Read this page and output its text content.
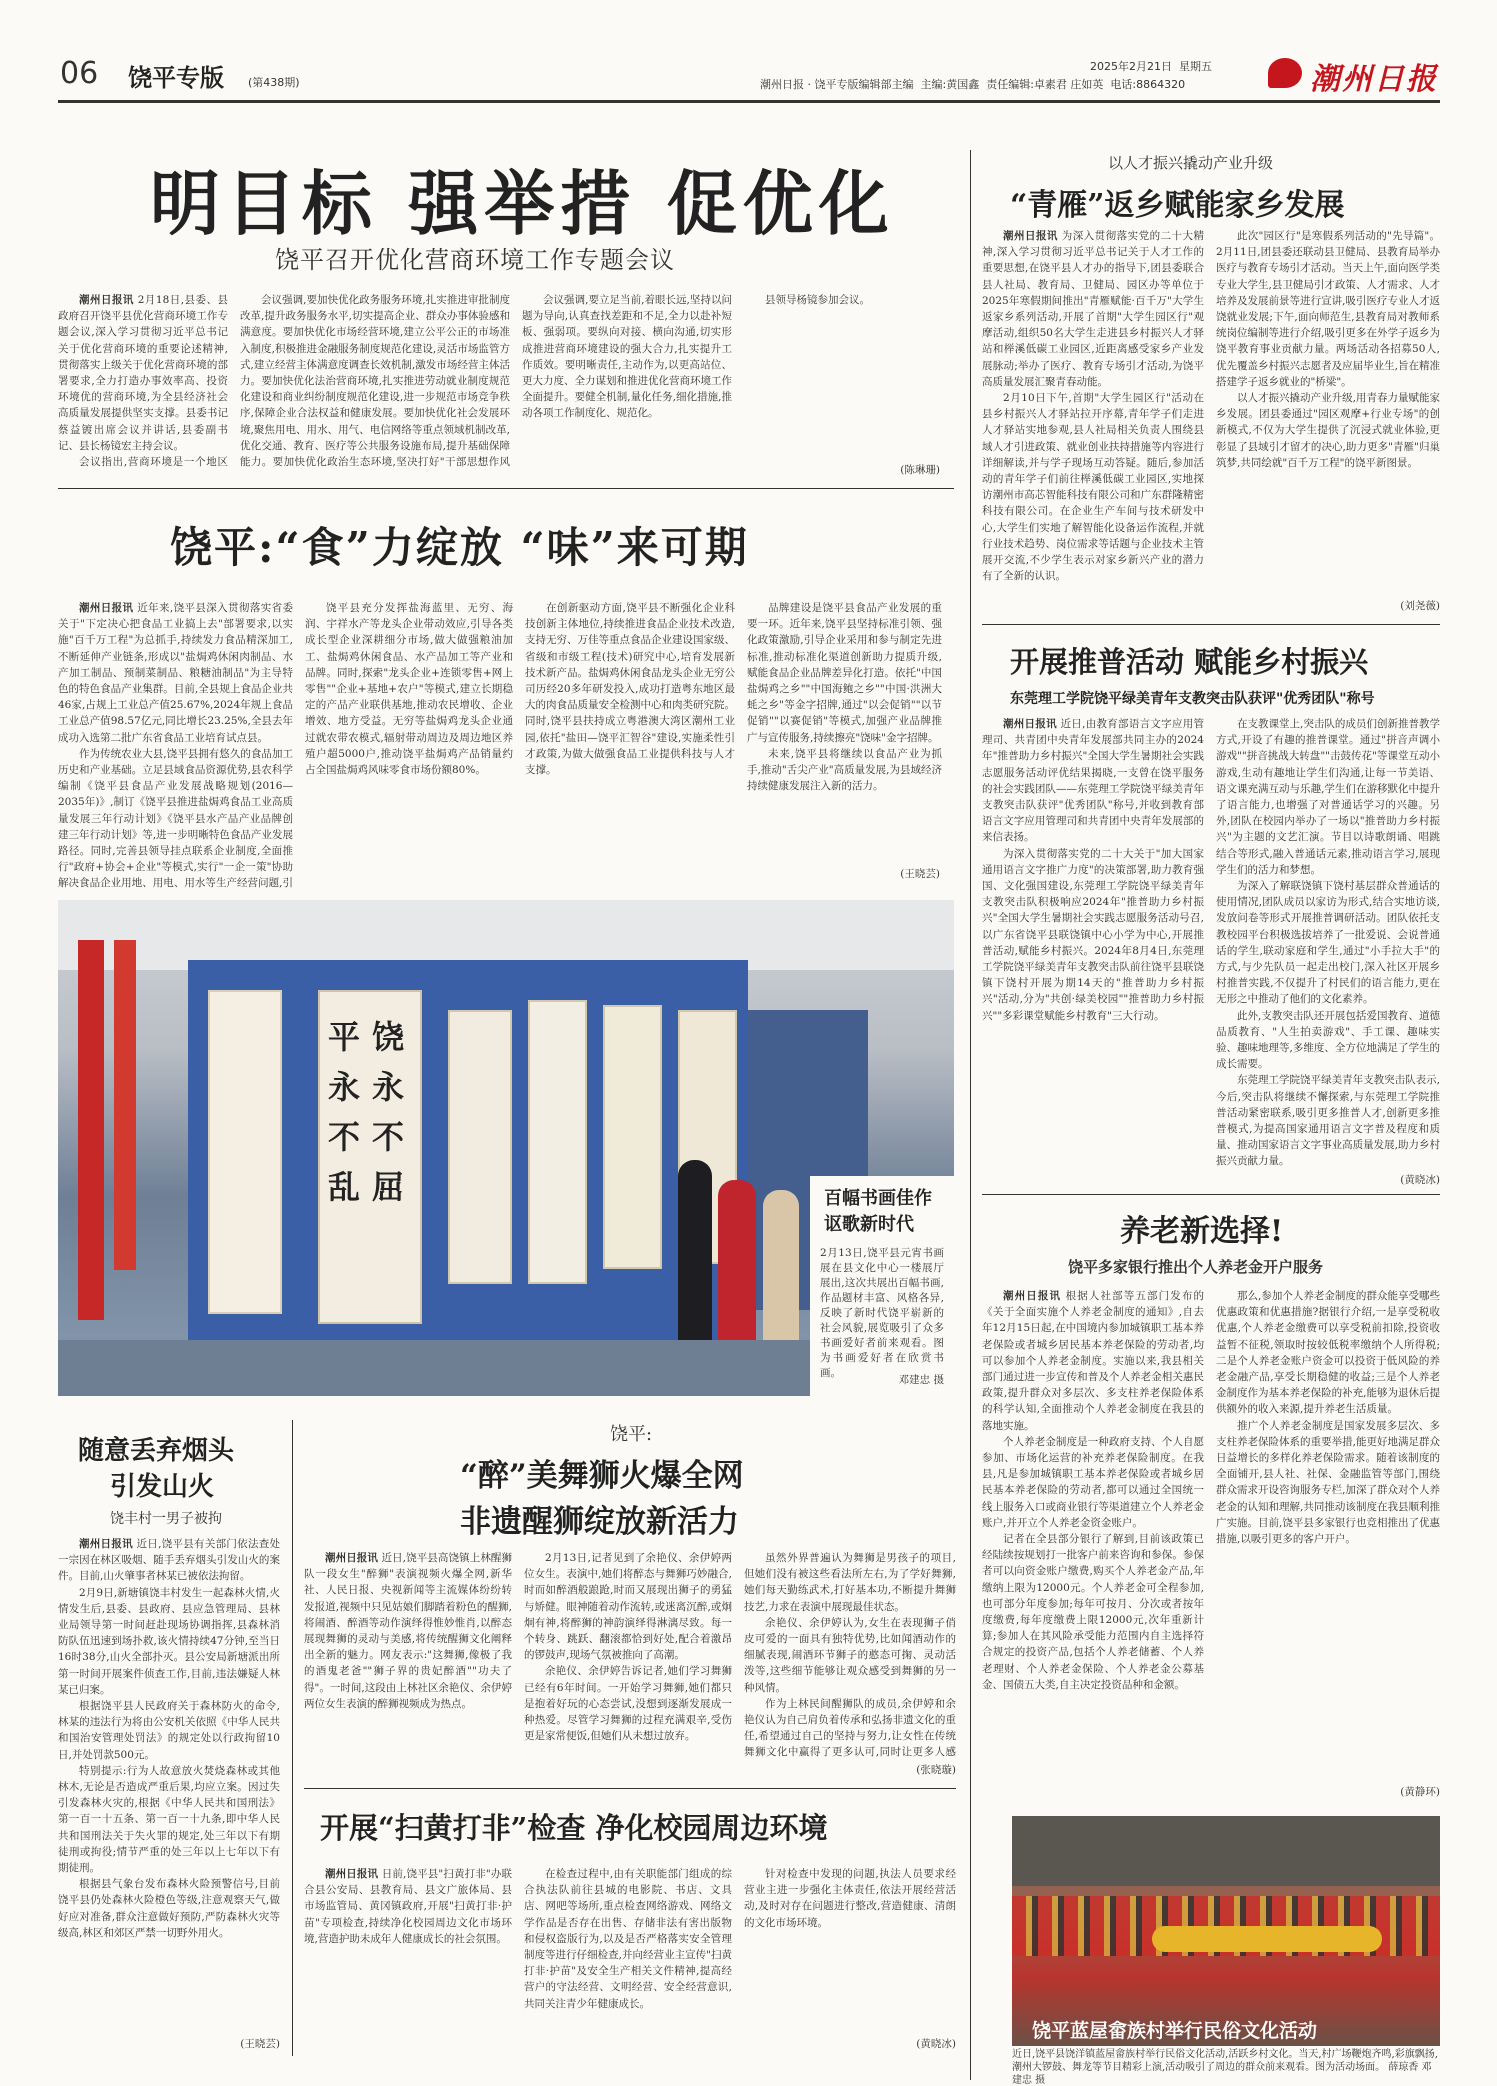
06 饶平专版 (第438期)
2025年2月21日 星期五
潮州日报 · 饶平专版编辑部主编 主编:黄国鑫 责任编辑:卓素君 庄如英 电话:8864320	潮州日报
明目标 强举措 促优化
饶平召开优化营商环境工作专题会议

潮州日报讯 2月18日,县委、县政府召开饶平县优化营商环境工作专题会议,深入学习贯彻习近平总书记关于优化营商环境的重要论述精神,贯彻落实上级关于优化营商环境的部署要求,全力打造办事效率高、投资环境优的营商环境,为全县经济社会高质量发展提供坚实支撑。县委书记蔡益镀出席会议并讲话,县委副书记、县长杨镜宏主持会议。

会议指出,营商环境是一个地区

会议强调,要加快优化政务服务环境,扎实推进审批制度改革,提升政务服务水平,切实提高企业、群众办事体验感和满意度。要加快优化市场经营环境,建立公平公正的市场准入制度,积极推进金融服务制度规范化建设,灵活市场监管方式,建立经营主体满意度调查长效机制,激发市场经营主体活力。要加快优化法治营商环境,扎实推进劳动就业制度规范化建设和商业纠纷制度规范化建设,进一步规范市场竞争秩序,保障企业合法权益和健康发展。要加快优化社会发展环境,聚焦用电、用水、用气、电信网络等重点领域机制改革,优化交通、教育、医疗等公共服务设施布局,提升基础保障能力。要加快优化政治生态环境,坚决打好"干部思想作风

会议强调,要立足当前,着眼长远,坚持以问题为导向,认真查找差距和不足,全力以赴补短板、强弱项。要纵向对接、横向沟通,切实形成推进营商环境建设的强大合力,扎实提升工作质效。要明晰责任,主动作为,以更高站位、更大力度、全力谋划和推进优化营商环境工作全面提升。要健全机制,量化任务,细化措施,推动各项工作制度化、规范化。

县领导杨镜参加会议。

(陈琳珊)
饶平:“食”力绽放 “味”来可期

潮州日报讯 近年来,饶平县深入贯彻落实省委关于"下定决心把食品工业搞上去"部署要求,以实施"百千万工程"为总抓手,持续发力食品精深加工,不断延伸产业链条,形成以"盐焗鸡休闲肉制品、水产加工制品、预制菜制品、粮糖油制品"为主导特色的特色食品产业集群。目前,全县规上食品企业共46家,占规上工业总产值25.67%,2024年规上食品工业总产值98.57亿元,同比增长23.25%,全县去年成功入选第二批广东省食品工业培育试点县。

作为传统农业大县,饶平县拥有悠久的食品加工历史和产业基础。立足县域食品资源优势,县农科学编制《饶平县食品产业发展战略规划(2016—2035年)》,制订《饶平县推进盐焗鸡食品工业高质量发展三年行动计划》《饶平县水产品产业品牌创建三年行动计划》等,进一步明晰特色食品产业发展路径。同时,完善县领导挂点联系企业制度,全面推行"政府+协会+企业"等模式,实行"一企一策"协助解决食品企业用地、用电、用水等生产经营问题,引

饶平县充分发挥盐海蓝里、无穷、海润、宇祥水产等龙头企业带动效应,引导各类成长型企业深耕细分市场,做大做强粮油加工、盐焗鸡休闲食品、水产品加工等产业和品牌。同时,探索"龙头企业+连锁零售+网上零售""企业+基地+农户"等模式,建立长期稳定的产品产业联供基地,推动农民增收、企业增效、地方受益。无穷等盐焗鸡龙头企业通过就农带农模式,辐射带动周边及周边地区养殖户超5000户,推动饶平盐焗鸡产品销量约占全国盐焗鸡风味零食市场份额80%。

在创新驱动方面,饶平县不断强化企业科技创新主体地位,持续推进食品企业技术改造,支持无穷、万佳等重点食品企业建设国家级、省级和市级工程(技术)研究中心,培育发展新技术新产品。盐焗鸡休闲食品龙头企业无穷公司历经20多年研发投入,成功打造粤东地区最大的肉食品质量安全检测中心和肉类研究院。同时,饶平县扶持成立粤港澳大湾区潮州工业园,依托"盐田—饶平汇智谷"建设,实施柔性引才政策,为做大做强食品工业提供科技与人才支撑。

品牌建设是饶平县食品产业发展的重要一环。近年来,饶平县坚持标准引领、强化政策激励,引导企业采用和参与制定先进标准,推动标准化渠道创新助力提质升级,赋能食品企业品牌差异化打造。依托"中国盐焗鸡之乡""中国海鲍之乡""中国·洪洲大蚝之乡"等金字招牌,通过"以会促销""以节促销""以赛促销"等模式,加强产业品牌推广与宣传服务,持续擦亮"饶味"金字招牌。

未来,饶平县将继续以食品产业为抓手,推动"舌尖产业"高质量发展,为县域经济持续健康发展注入新的活力。

(王晓芸)
平
永
不
乱
饶
永
不
屈	百幅书画佳作讴歌新时代
2月13日,饶平县元宵书画展在县文化中心一楼展厅展出,这次共展出百幅书画,作品题材丰富、风格各异,反映了新时代饶平崭新的社会风貌,展览吸引了众多书画爱好者前来观看。图为书画爱好者在欣赏书画。
邓建忠 摄
以人才振兴撬动产业升级
“青雁”返乡赋能家乡发展

潮州日报讯 为深入贯彻落实党的二十大精神,深入学习贯彻习近平总书记关于人才工作的重要思想,在饶平县人才办的指导下,团县委联合县人社局、教育局、卫健局、园区办等单位于2025年寒假期间推出"青雁赋能·百千万"大学生返家乡系列活动,开展了首期"大学生园区行"观摩活动,组织50名大学生走进县乡村振兴人才驿站和榉溪低碳工业园区,近距离感受家乡产业发展脉动;举办了医疗、教育专场引才活动,为饶平高质量发展汇聚青春动能。

2月10日下午,首期"大学生园区行"活动在县乡村振兴人才驿站拉开序幕,青年学子们走进人才驿站实地参观,县人社局相关负责人围绕县域人才引进政策、就业创业扶持措施等内容进行详细解读,并与学子现场互动答疑。随后,参加活动的青年学子们前往榉溪低碳工业园区,实地探访潮州市高芯智能科技有限公司和广东群隆精密科技有限公司。在企业生产车间与技术研发中心,大学生们实地了解智能化设备运作流程,并就行业技术趋势、岗位需求等话题与企业技术主管展开交流,不少学生表示对家乡新兴产业的潜力有了全新的认识。

此次"园区行"是寒假系列活动的"先导篇"。2月11日,团县委还联动县卫健局、县教育局举办医疗与教育专场引才活动。当天上午,面向医学类专业大学生,县卫健局引才政策、人才需求、人才培养及发展前景等进行宣讲,吸引医疗专业人才返饶就业发展;下午,面向师范生,县教育局对教师系统岗位编制等进行介绍,吸引更多在外学子返乡为饶平教育事业贡献力量。两场活动各招募50人,优先覆盖乡村振兴志愿者及应届毕业生,旨在精准搭建学子返乡就业的"桥梁"。

以人才振兴撬动产业升级,用青春力量赋能家乡发展。团县委通过"园区观摩+行业专场"的创新模式,不仅为大学生提供了沉浸式就业体验,更彰显了县域引才留才的决心,助力更多"青雁"归巢筑梦,共同绘就"百千万工程"的饶平新图景。

(刘尧薇)
开展推普活动 赋能乡村振兴
东莞理工学院饶平绿美青年支教突击队获评"优秀团队"称号

潮州日报讯 近日,由教育部语言文字应用管理司、共青团中央青年发展部共同主办的2024年"推普助力乡村振兴"全国大学生暑期社会实践志愿服务活动评优结果揭晓,一支曾在饶平服务的社会实践团队——东莞理工学院饶平绿美青年支教突击队获评"优秀团队"称号,并收到教育部语言文字应用管理司和共青团中央青年发展部的来信表扬。

为深入贯彻落实党的二十大关于"加大国家通用语言文字推广力度"的决策部署,助力教育强国、文化强国建设,东莞理工学院饶平绿美青年支教突击队积极响应2024年"推普助力乡村振兴"全国大学生暑期社会实践志愿服务活动号召,以广东省饶平县联饶镇中心小学为中心,开展推普活动,赋能乡村振兴。2024年8月4日,东莞理工学院饶平绿美青年支教突击队前往饶平县联饶镇下饶村开展为期14天的"推普助力乡村振兴"活动,分为"共创·绿美校园""推普助力乡村振兴""多彩课堂赋能乡村教育"三大行动。

在支教课堂上,突击队的成员们创新推普教学方式,开设了有趣的推普课堂。通过"拼音声调小游戏""拼音挑战大转盘""击鼓传花"等课堂互动小游戏,生动有趣地让学生们沟通,让每一节美语、语文课充满互动与乐趣,学生们在游移默化中提升了语言能力,也增强了对普通话学习的兴趣。另外,团队在校园内举办了一场以"推普助力乡村振兴"为主题的文艺汇演。节目以诗歌朗诵、唱跳结合等形式,融入普通话元素,推动语言学习,展现学生们的活力和梦想。

为深入了解联饶镇下饶村基层群众普通话的使用情况,团队成员以家访为形式,结合实地访谈,发放问卷等形式开展推普调研活动。团队依托支教校园平台积极选拔培养了一批爱说、会说普通话的学生,联动家庭和学生,通过"小手拉大手"的方式,与少先队员一起走出校门,深入社区开展乡村推普实践,不仅提升了村民们的语言能力,更在无形之中推动了他们的文化素养。

此外,支教突击队还开展包括爱国教育、道德品质教育、"人生拍卖游戏"、手工课、趣味实验、趣味地理等,多维度、全方位地满足了学生的成长需要。

东莞理工学院饶平绿美青年支教突击队表示,今后,突击队将继续不懈探索,与东莞理工学院推普活动紧密联系,吸引更多推普人才,创新更多推普模式,为提高国家通用语言文字普及程度和质量、推动国家语言文字事业高质量发展,助力乡村振兴贡献力量。

(黄晓冰)
养老新选择!
饶平多家银行推出个人养老金开户服务

潮州日报讯 根据人社部等五部门发布的《关于全面实施个人养老金制度的通知》,自去年12月15日起,在中国境内参加城镇职工基本养老保险或者城乡居民基本养老保险的劳动者,均可以参加个人养老金制度。实施以来,我县相关部门通过进一步宣传和普及个人养老金相关惠民政策,提升群众对多层次、多支柱养老保险体系的科学认知,全面推动个人养老金制度在我县的落地实施。

个人养老金制度是一种政府支持、个人自愿参加、市场化运营的补充养老保险制度。在我县,凡是参加城镇职工基本养老保险或者城乡居民基本养老保险的劳动者,都可以通过全国统一线上服务入口或商业银行等渠道建立个人养老金账户,并开立个人养老金资金账户。

记者在全县部分银行了解到,目前该政策已经陆续按规划打一批客户前来咨询和参保。参保者可以向资金账户缴费,购买个人养老金产品,年缴纳上限为12000元。个人养老金可全程参加,也可部分年度参加;每年可按月、分次或者按年度缴费,每年度缴费上限12000元,次年重新计算;参加人在其风险承受能力范围内自主选择符合规定的投资产品,包括个人养老储蓄、个人养老理财、个人养老金保险、个人养老金公募基金、国债五大类,自主决定投资品种和金额。

那么,参加个人养老金制度的群众能享受哪些优惠政策和优惠措施?据银行介绍,一是享受税收优惠,个人养老金缴费可以享受税前扣除,投资收益暂不征税,领取时按较低税率缴纳个人所得税;二是个人养老金账户资金可以投资于低风险的养老金融产品,享受长期稳健的收益;三是个人养老金制度作为基本养老保险的补充,能够为退休后提供额外的收入来源,提升养老生活质量。

推广个人养老金制度是国家发展多层次、多支柱养老保险体系的重要举措,能更好地满足群众日益增长的多样化养老保险需求。随着该制度的全面铺开,县人社、社保、金融监管等部门,围绕群众需求开设咨询服务专栏,加深了群众对个人养老金的认知和理解,共同推动该制度在我县顺利推广实施。目前,饶平县多家银行也竞相推出了优惠措施,以吸引更多的客户开户。

(黄静环)
饶平蓝屋畲族村举行民俗文化活动
随意丢弃烟头
引发山火
饶丰村一男子被拘

潮州日报讯 近日,饶平县有关部门依法查处一宗因在林区吸烟、随手丢弃烟头引发山火的案件。目前,山火肇事者林某已被依法拘留。

2月9日,新塘镇饶丰村发生一起森林火情,火情发生后,县委、县政府、县应急管理局、县林业局领导第一时间赶赴现场协调指挥,县森林消防队伍迅速到场扑救,该火情持续47分钟,至当日16时38分,山火全部扑灭。县公安局新塘派出所第一时间开展案件侦查工作,目前,违法嫌疑人林某已归案。

根据饶平县人民政府关于森林防火的命令,林某的违法行为将由公安机关依照《中华人民共和国治安管理处罚法》的规定处以行政拘留10日,并处罚款500元。

特别提示:行为人故意放火焚烧森林或其他林木,无论是否造成严重后果,均应立案。因过失引发森林火灾的,根据《中华人民共和国刑法》第一百一十五条、第一百一十九条,即中华人民共和国刑法关于失火罪的规定,处三年以下有期徒刑或拘役;情节严重的处三年以上七年以下有期徒刑。

根据县气象台发布森林火险预警信号,目前饶平县仍处森林火险橙色等级,注意观察天气,做好应对准备,群众注意做好预防,严防森林火灾等级高,林区和郊区严禁一切野外用火。

(王晓芸)
饶平:
“醉”美舞狮火爆全网
非遗醒狮绽放新活力

潮州日报讯 近日,饶平县高饶镇上林醒狮队一段女生"醉狮"表演视频火爆全网,新华社、人民日报、央视新闻等主流媒体纷纷转发报道,视频中只见姑娘们脚踏着粉色的醒狮,将闹酒、醉酒等动作演绎得惟妙惟肖,以醉态展现舞狮的灵动与美感,将传统醒狮文化阐释出全新的魅力。网友表示:"这舞狮,像极了我的酒鬼老爸""狮子界的贵妃醉酒""功夫了得"。一时间,这段由上林社区余艳仪、余伊婷两位女生表演的醉狮视频成为热点。

2月13日,记者见到了余艳仪、余伊婷两位女生。表演中,她们将醉态与舞狮巧妙融合,时而如醉酒般踉跄,时而又展现出狮子的勇猛与矫健。眼神随着动作流转,或迷离沉醉,或炯炯有神,将醉狮的神韵演绎得淋漓尽致。每一个转身、跳跃、翻滚都恰到好处,配合着激昂的锣鼓声,现场气氛被推向了高潮。

余艳仪、余伊婷告诉记者,她们学习舞狮已经有6年时间。一开始学习舞狮,她们都只是抱着好玩的心态尝试,没想到逐渐发展成一种热爱。尽管学习舞狮的过程充满艰辛,受伤更是家常便饭,但她们从未想过放弃。

虽然外界普遍认为舞狮是男孩子的项目,但她们没有被这些看法所左右,为了学好舞狮,她们每天勤练武术,打好基本功,不断提升舞狮技艺,力求在表演中展现最佳状态。

余艳仪、余伊婷认为,女生在表现狮子俏皮可爱的一面具有独特优势,比如闻酒动作的细腻表现,闹酒环节狮子的憨态可掬、灵动活泼等,这些细节能够让观众感受到舞狮的另一种风情。

作为上林民间醒狮队的成员,余伊婷和余艳仪认为自己肩负着传承和弘扬非遗文化的重任,希望通过自己的坚持与努力,让女性在传统舞狮文化中赢得了更多认可,同时让更多人感

(张晓璇)
开展“扫黄打非”检查 净化校园周边环境

潮州日报讯 日前,饶平县"扫黄打非"办联合县公安局、县教育局、县文广旅体局、县市场监管局、黄冈镇政府,开展"扫黄打非·护苗"专项检查,持续净化校园周边文化市场环境,营造护助未成年人健康成长的社会氛围。

在检查过程中,由有关职能部门组成的综合执法队前往县城的电影院、书店、文具店、网吧等场所,重点检查网络游戏、网络文学作品是否存在出售、存储非法有害出版物和侵权盗版行为,以及是否严格落实安全管理制度等进行仔细检查,并向经营业主宣传"扫黄打非·护苗"及安全生产相关文件精神,提高经营户的守法经营、文明经营、安全经营意识,共同关注青少年健康成长。

针对检查中发现的问题,执法人员要求经营业主进一步强化主体责任,依法开展经营活动,及时对存在问题进行整改,营造健康、清朗的文化市场环境。

(黄晓冰)
近日,饶平县饶洋镇蓝屋畲族村举行民俗文化活动,活跃乡村文化。当天,村广场鞭炮齐鸣,彩旗飘扬,潮州大锣鼓、舞龙等节目精彩上演,活动吸引了周边的群众前来观看。图为活动场面。 薛琼香 邓建忠 摄
